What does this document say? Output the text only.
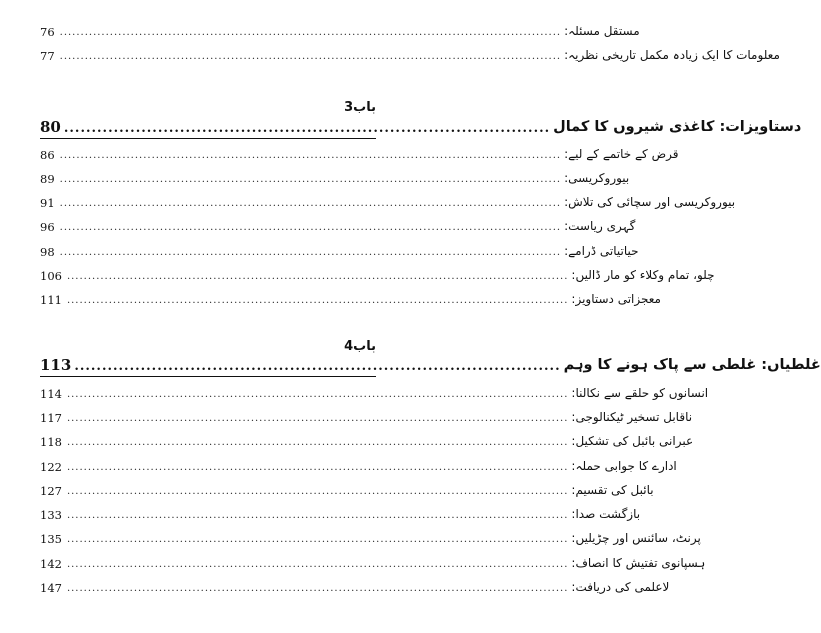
76 ........................................................................................................................ مستقل مسئلہ:
77 ........................................................................................................................ معلومات کا ایک زیادہ مکمل تاریخی نظریہ:
باب3
80 ........................................................................................ دستاویزات: کاغذی شیروں کا کمال
86 ........................................................................................................................ قرض کے خاتمے کے لیے:
89 ........................................................................................................................ بیوروکریسی:
91 ........................................................................................................................ بیوروکریسی اور سچائی کی تلاش:
96 ........................................................................................................................ گہری ریاست:
98 ........................................................................................................................ حیاتیاتی ڈرامے:
106 ........................................................................................................................ چلو، تمام وکلاء کو مار ڈالیں:
111 ........................................................................................................................ معجزاتی دستاویز:
باب4
113 ........................................................................................ غلطیاں: غلطی سے پاک ہونے کا وہم
114 ........................................................................................................................ انسانوں کو حلقے سے نکالنا:
117 ........................................................................................................................ ناقابل تسخیر ٹیکنالوجی:
118 ........................................................................................................................ عبرانی بائبل کی تشکیل:
122 ........................................................................................................................ ادارے کا جوابی حملہ:
127 ........................................................................................................................ بائبل کی تقسیم:
133 ........................................................................................................................ بازگشت صدا:
135 ........................................................................................................................ پرنٹ، سائنس اور چڑیلیں:
142 ........................................................................................................................ ہسپانوی تفتیش کا انصاف:
147 ........................................................................................................................ لاعلمی کی دریافت:
